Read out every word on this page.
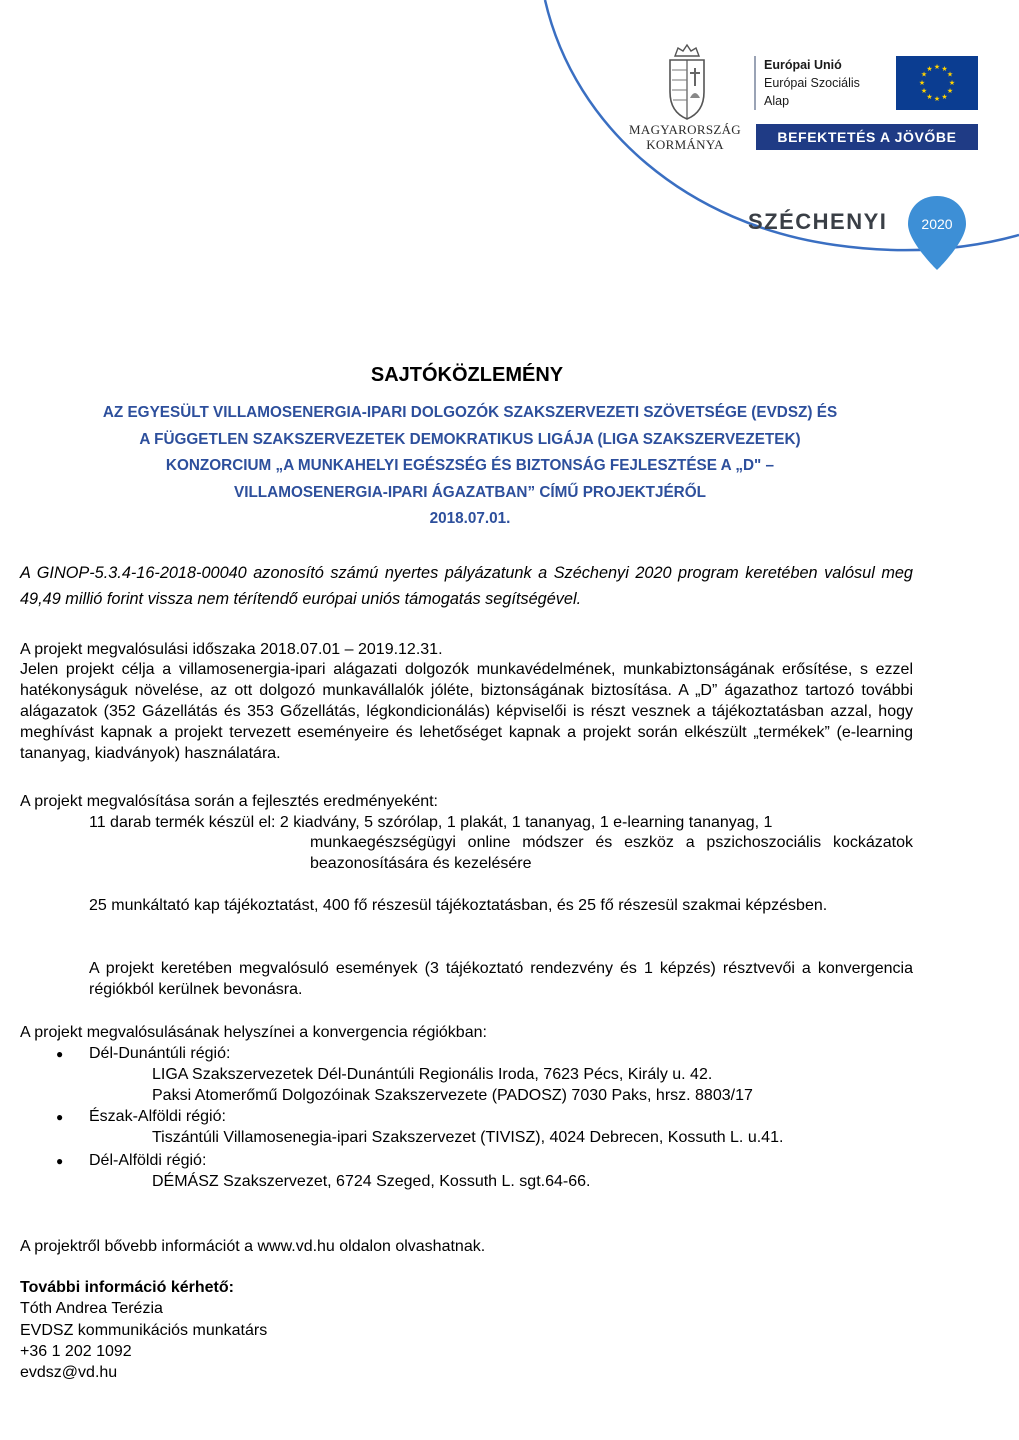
MAGYARORSZÁG
KORMÁNYA
Európai Unió
Európai Szociális
Alap
★ ★
★
★
★
★
★
★
★
★
★
★
BEFEKTETÉS A JÖVŐBE
SZÉCHENYI 2020
SAJTÓKÖZLEMÉNY
AZ EGYESÜLT VILLAMOSENERGIA-IPARI DOLGOZÓK SZAKSZERVEZETI SZÖVETSÉGE (EVDSZ) ÉS
A FÜGGETLEN SZAKSZERVEZETEK DEMOKRATIKUS LIGÁJA (LIGA SZAKSZERVEZETEK)
KONZORCIUM „A MUNKAHELYI EGÉSZSÉG ÉS BIZTONSÁG FEJLESZTÉSE A „D" –
VILLAMOSENERGIA-IPARI ÁGAZATBAN” CÍMŰ PROJEKTJÉRŐL
2018.07.01.
A GINOP-5.3.4-16-2018-00040 azonosító számú nyertes pályázatunk a Széchenyi 2020 program keretében valósul meg 49,49 millió forint vissza nem térítendő európai uniós támogatás segítségével.
A projekt megvalósulási időszaka 2018.07.01 – 2019.12.31.
Jelen projekt célja a villamosenergia-ipari alágazati dolgozók munkavédelmének, munkabiztonságának erősítése, s ezzel hatékonyságuk növelése, az ott dolgozó munkavállalók jóléte, biztonságának biztosítása. A „D” ágazathoz tartozó további alágazatok (352 Gázellátás és 353 Gőzellátás, légkondicionálás) képviselői is részt vesznek a tájékoztatásban azzal, hogy meghívást kapnak a projekt tervezett eseményeire és lehetőséget kapnak a projekt során elkészült „termékek” (e-learning tananyag, kiadványok) használatára.
A projekt megvalósítása során a fejlesztés eredményeként:
11 darab termék készül el: 2 kiadvány, 5 szórólap, 1 plakát, 1 tananyag, 1 e-learning tananyag, 1
munkaegészségügyi online módszer és eszköz a pszichoszociális kockázatok beazonosítására és kezelésére
25 munkáltató kap tájékoztatást, 400 fő részesül tájékoztatásban, és 25 fő részesül szakmai képzésben.
A projekt keretében megvalósuló események (3 tájékoztató rendezvény és 1 képzés) résztvevői a konvergencia régiókból kerülnek bevonásra.
A projekt megvalósulásának helyszínei a konvergencia régiókban:
● Dél-Dunántúli régió:
LIGA Szakszervezetek Dél-Dunántúli Regionális Iroda, 7623 Pécs, Király u. 42.
Paksi Atomerőmű Dolgozóinak Szakszervezete (PADOSZ) 7030 Paks, hrsz. 8803/17
● Észak-Alföldi régió:
Tiszántúli Villamosenegia-ipari Szakszervezet (TIVISZ), 4024 Debrecen, Kossuth L. u.41.
● Dél-Alföldi régió:
DÉMÁSZ Szakszervezet, 6724 Szeged, Kossuth L. sgt.64-66.
A projektről bővebb információt a www.vd.hu oldalon olvashatnak.
További információ kérhető:
Tóth Andrea Terézia
EVDSZ kommunikációs munkatárs
+36 1 202 1092
evdsz@vd.hu
